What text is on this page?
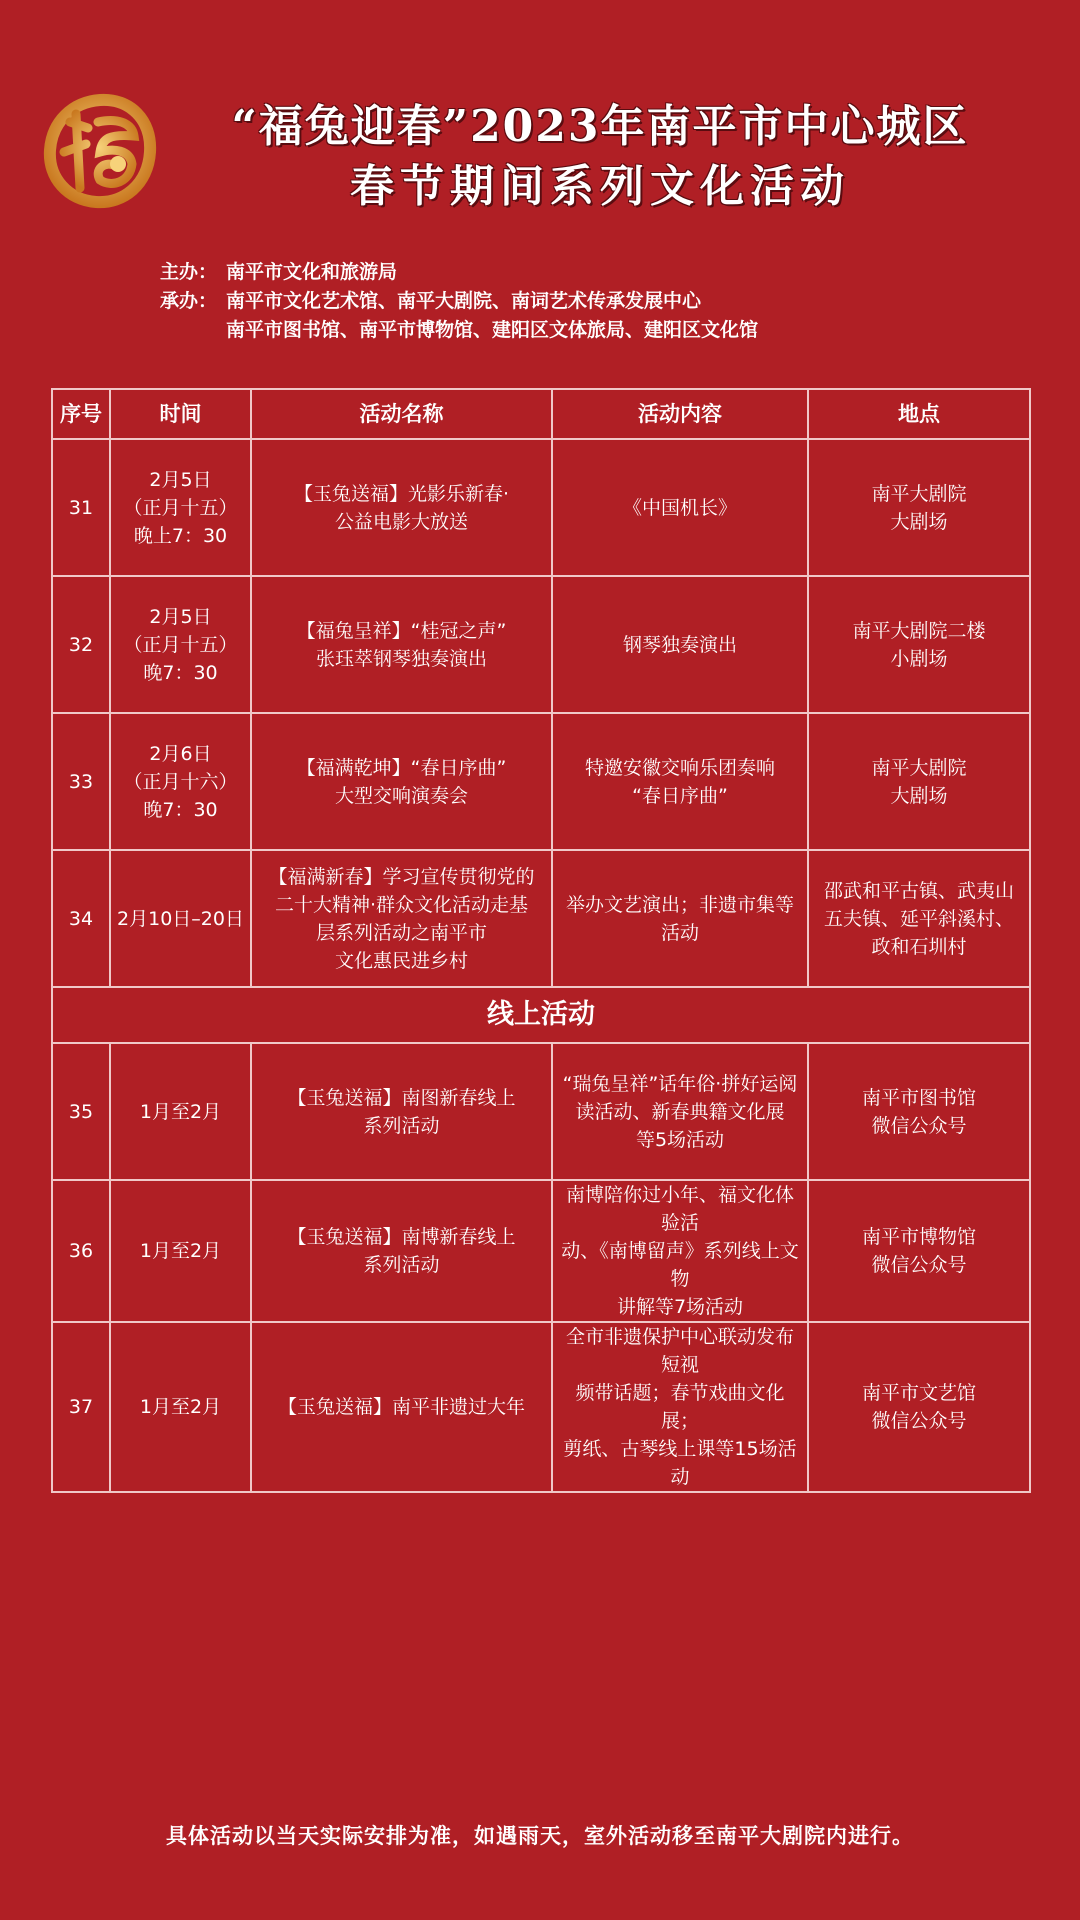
“福兔迎春”2023年南平市中心城区
春节期间系列文化活动
主办： 南平市文化和旅游局
承办： 南平市文化艺术馆、南平大剧院、南词艺术传承发展中心
南平市图书馆、南平市博物馆、建阳区文体旅局、建阳区文化馆
序号	时间	活动名称	活动内容	地点
31	2月5日
（正月十五）
晚上7：30	【玉兔送福】光影乐新春·
公益电影大放送	《中国机长》	南平大剧院
大剧场

32	2月5日
（正月十五）
晚7：30	【福兔呈祥】“桂冠之声”
张珏萃钢琴独奏演出	钢琴独奏演出	南平大剧院二楼
小剧场

33	2月6日
（正月十六）
晚7：30	【福满乾坤】“春日序曲”
大型交响演奏会	特邀安徽交响乐团奏响
“春日序曲”	南平大剧院
大剧场

34	2月10日–20日	【福满新春】学习宣传贯彻党的
二十大精神·群众文化活动走基
层系列活动之南平市
文化惠民进乡村	举办文艺演出；非遗市集等
活动	邵武和平古镇、武夷山
五夫镇、延平斜溪村、
政和石圳村

线上活动				
35	1月至2月	【玉兔送福】南图新春线上
系列活动	“瑞兔呈祥”话年俗·拼好运阅
读活动、新春典籍文化展
等5场活动	南平市图书馆
微信公众号

36	1月至2月	【玉兔送福】南博新春线上
系列活动	南博陪你过小年、福文化体验活
动、《南博留声》系列线上文物
讲解等7场活动	南平市博物馆
微信公众号

37	1月至2月	【玉兔送福】南平非遗过大年	全市非遗保护中心联动发布短视
频带话题；春节戏曲文化展；
剪纸、古琴线上课等15场活动	南平市文艺馆
微信公众号
具体活动以当天实际安排为准，如遇雨天，室外活动移至南平大剧院内进行。
